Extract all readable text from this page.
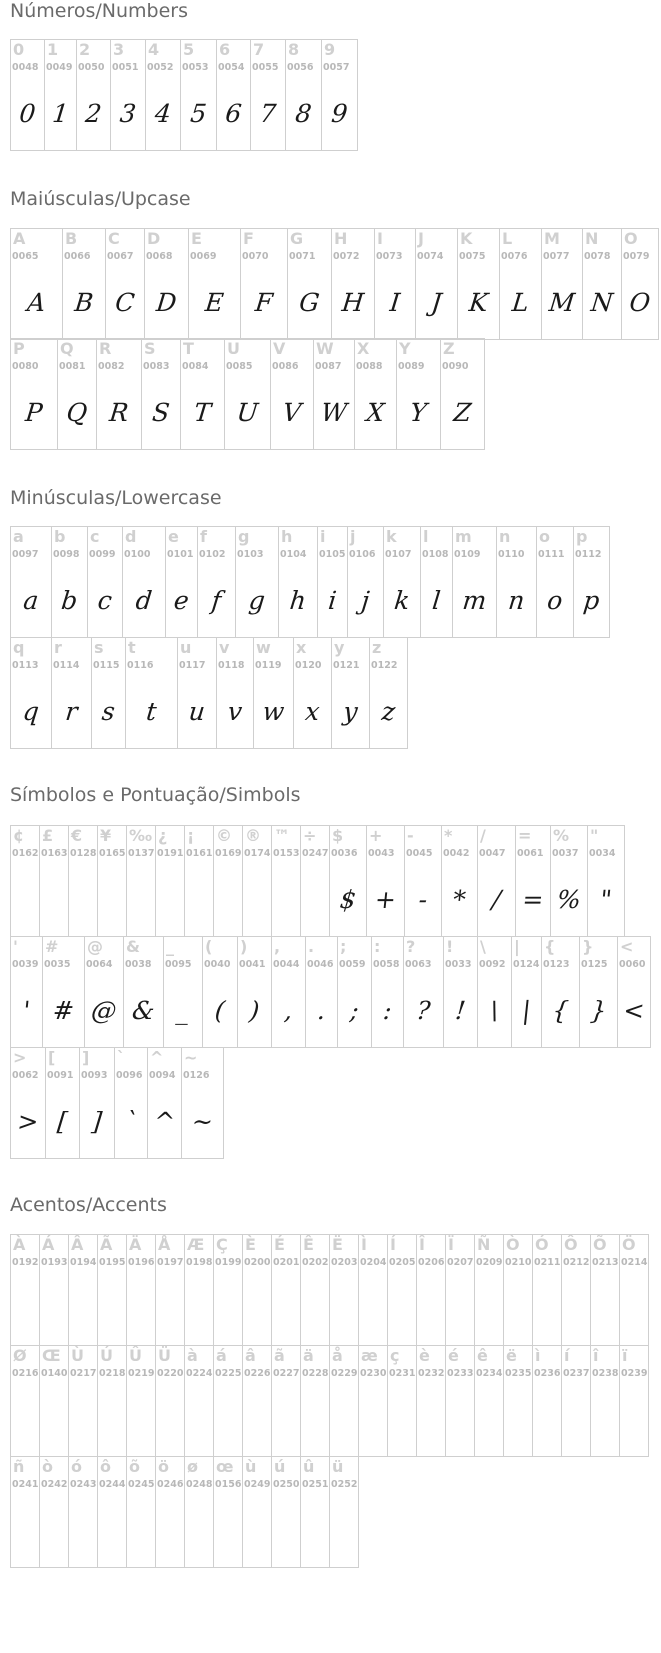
Números/Numbers
0
0048
0
1
0049
1
2
0050
2
3
0051
3
4
0052
4
5
0053
5
6
0054
6
7
0055
7
8
0056
8
9
0057
9
Maiúsculas/Upcase
A
0065
A
B
0066
B
C
0067
C
D
0068
D
E
0069
E
F
0070
F
G
0071
G
H
0072
H
I
0073
I
J
0074
J
K
0075
K
L
0076
L
M
0077
M
N
0078
N
O
0079
O
P
0080
P
Q
0081
Q
R
0082
R
S
0083
S
T
0084
T
U
0085
U
V
0086
V
W
0087
W
X
0088
X
Y
0089
Y
Z
0090
Z
Minúsculas/Lowercase
a
0097
a
b
0098
b
c
0099
c
d
0100
d
e
0101
e
f
0102
f
g
0103
g
h
0104
h
i
0105
i
j
0106
j
k
0107
k
l
0108
l
m
0109
m
n
0110
n
o
0111
o
p
0112
p
q
0113
q
r
0114
r
s
0115
s
t
0116
t
u
0117
u
v
0118
v
w
0119
w
x
0120
x
y
0121
y
z
0122
z
Símbolos e Pontuação/Simbols
¢
0162
£
0163
€
0128
¥
0165
‰
0137
¿
0191
¡
0161
©
0169
®
0174
™
0153
÷
0247
$
0036
$
+
0043
+
-
0045
-
*
0042
*
/
0047
/
=
0061
=
%
0037
%
"
0034
"
'
0039
'
#
0035
#
@
0064
@
&
0038
&
_
0095
_
(
0040
(
)
0041
)
,
0044
,
.
0046
.
;
0059
;
:
0058
:
?
0063
?
!
0033
!
\
0092
\
|
0124
|
{
0123
{
}
0125
}
<
0060
<
>
0062
>
[
0091
[
]
0093
]
`
0096
`
^
0094
^
~
0126
~
Acentos/Accents
À
0192
Á
0193
Â
0194
Ã
0195
Ä
0196
Å
0197
Æ
0198
Ç
0199
È
0200
É
0201
Ê
0202
Ë
0203
Ì
0204
Í
0205
Î
0206
Ï
0207
Ñ
0209
Ò
0210
Ó
0211
Ô
0212
Õ
0213
Ö
0214
Ø
0216
Œ
0140
Ù
0217
Ú
0218
Û
0219
Ü
0220
à
0224
á
0225
â
0226
ã
0227
ä
0228
å
0229
æ
0230
ç
0231
è
0232
é
0233
ê
0234
ë
0235
ì
0236
í
0237
î
0238
ï
0239
ñ
0241
ò
0242
ó
0243
ô
0244
õ
0245
ö
0246
ø
0248
œ
0156
ù
0249
ú
0250
û
0251
ü
0252
